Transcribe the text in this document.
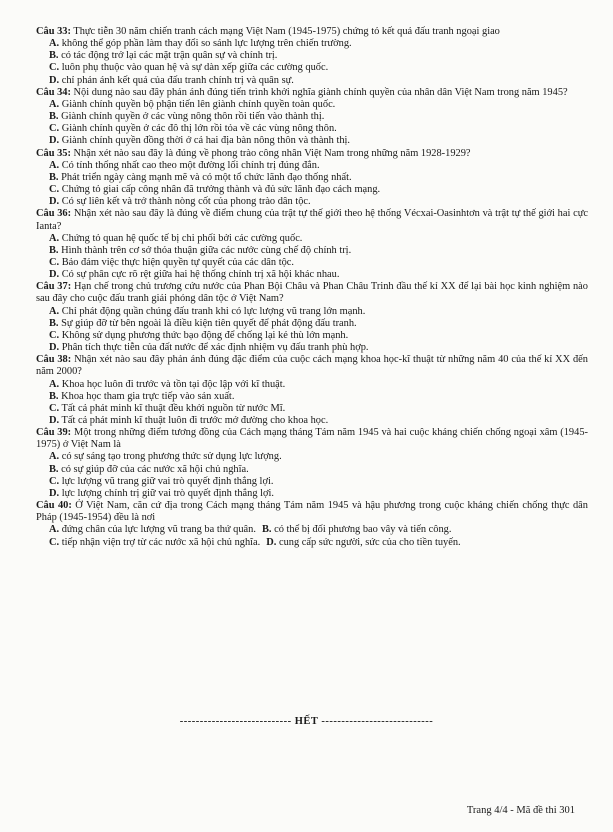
Câu 33: Thực tiễn 30 năm chiến tranh cách mạng Việt Nam (1945-1975) chứng tỏ kết quả đấu tranh ngoại giao

A. không thể góp phần làm thay đổi so sánh lực lượng trên chiến trường.

B. có tác động trở lại các mặt trận quân sự và chính trị.

C. luôn phụ thuộc vào quan hệ và sự dàn xếp giữa các cường quốc.

D. chỉ phản ánh kết quả của đấu tranh chính trị và quân sự.

Câu 34: Nội dung nào sau đây phản ánh đúng tiến trình khởi nghĩa giành chính quyền của nhân dân Việt Nam trong năm 1945?

A. Giành chính quyền bộ phận tiến lên giành chính quyền toàn quốc.

B. Giành chính quyền ở các vùng nông thôn rồi tiến vào thành thị.

C. Giành chính quyền ở các đô thị lớn rồi tỏa về các vùng nông thôn.

D. Giành chính quyền đồng thời ở cả hai địa bàn nông thôn và thành thị.

Câu 35: Nhận xét nào sau đây là đúng về phong trào công nhân Việt Nam trong những năm 1928-1929?

A. Có tính thống nhất cao theo một đường lối chính trị đúng đắn.

B. Phát triển ngày càng mạnh mẽ và có một tổ chức lãnh đạo thống nhất.

C. Chứng tỏ giai cấp công nhân đã trưởng thành và đủ sức lãnh đạo cách mạng.

D. Có sự liên kết và trở thành nòng cốt của phong trào dân tộc.

Câu 36: Nhận xét nào sau đây là đúng về điểm chung của trật tự thế giới theo hệ thống Vécxai-Oasinhtơn và trật tự thế giới hai cực Ianta?

A. Chứng tỏ quan hệ quốc tế bị chi phối bởi các cường quốc.

B. Hình thành trên cơ sở thỏa thuận giữa các nước cùng chế độ chính trị.

C. Bảo đảm việc thực hiện quyền tự quyết của các dân tộc.

D. Có sự phân cực rõ rệt giữa hai hệ thống chính trị xã hội khác nhau.

Câu 37: Hạn chế trong chủ trương cứu nước của Phan Bội Châu và Phan Châu Trinh đầu thế kỉ XX để lại bài học kinh nghiệm nào sau đây cho cuộc đấu tranh giải phóng dân tộc ở Việt Nam?

A. Chỉ phát động quần chúng đấu tranh khi có lực lượng vũ trang lớn mạnh.

B. Sự giúp đỡ từ bên ngoài là điều kiện tiên quyết để phát động đấu tranh.

C. Không sử dụng phương thức bạo động để chống lại kẻ thù lớn mạnh.

D. Phân tích thực tiễn của đất nước để xác định nhiệm vụ đấu tranh phù hợp.

Câu 38: Nhận xét nào sau đây phản ánh đúng đặc điểm của cuộc cách mạng khoa học-kĩ thuật từ những năm 40 của thế kỉ XX đến năm 2000?

A. Khoa học luôn đi trước và tồn tại độc lập với kĩ thuật.

B. Khoa học tham gia trực tiếp vào sản xuất.

C. Tất cả phát minh kĩ thuật đều khởi nguồn từ nước Mĩ.

D. Tất cả phát minh kĩ thuật luôn đi trước mở đường cho khoa học.

Câu 39: Một trong những điểm tương đồng của Cách mạng tháng Tám năm 1945 và hai cuộc kháng chiến chống ngoại xâm (1945-1975) ở Việt Nam là

A. có sự sáng tạo trong phương thức sử dụng lực lượng.

B. có sự giúp đỡ của các nước xã hội chủ nghĩa.

C. lực lượng vũ trang giữ vai trò quyết định thắng lợi.

D. lực lượng chính trị giữ vai trò quyết định thắng lợi.

Câu 40: Ở Việt Nam, căn cứ địa trong Cách mạng tháng Tám năm 1945 và hậu phương trong cuộc kháng chiến chống thực dân Pháp (1945-1954) đều là nơi

A. đứng chân của lực lượng vũ trang ba thứ quân. B. có thể bị đối phương bao vây và tiến công.
C. tiếp nhận viện trợ từ các nước xã hội chủ nghĩa. D. cung cấp sức người, sức của cho tiền tuyến.
---------------------------- HẾT ----------------------------
Trang 4/4 - Mã đề thi 301
